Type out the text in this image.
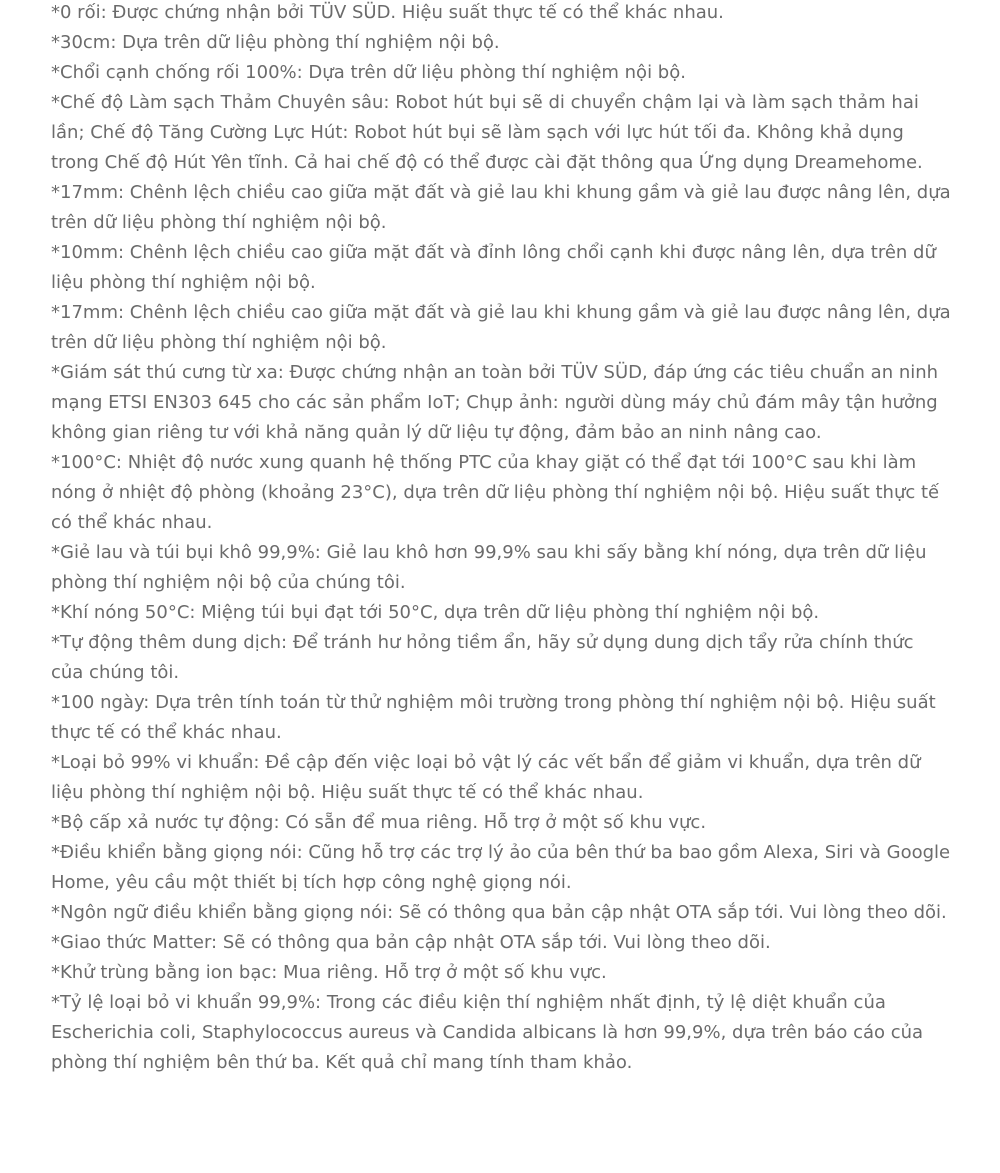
*0 rối: Được chứng nhận bởi TÜV SÜD. Hiệu suất thực tế có thể khác nhau.
*30cm: Dựa trên dữ liệu phòng thí nghiệm nội bộ.
*Chổi cạnh chống rối 100%: Dựa trên dữ liệu phòng thí nghiệm nội bộ.
*Chế độ Làm sạch Thảm Chuyên sâu: Robot hút bụi sẽ di chuyển chậm lại và làm sạch thảm hai lần; Chế độ Tăng Cường Lực Hút: Robot hút bụi sẽ làm sạch với lực hút tối đa. Không khả dụng trong Chế độ Hút Yên tĩnh. Cả hai chế độ có thể được cài đặt thông qua Ứng dụng Dreamehome.
*17mm: Chênh lệch chiều cao giữa mặt đất và giẻ lau khi khung gầm và giẻ lau được nâng lên, dựa trên dữ liệu phòng thí nghiệm nội bộ.
*10mm: Chênh lệch chiều cao giữa mặt đất và đỉnh lông chổi cạnh khi được nâng lên, dựa trên dữ liệu phòng thí nghiệm nội bộ.
*17mm: Chênh lệch chiều cao giữa mặt đất và giẻ lau khi khung gầm và giẻ lau được nâng lên, dựa trên dữ liệu phòng thí nghiệm nội bộ.
*Giám sát thú cưng từ xa: Được chứng nhận an toàn bởi TÜV SÜD, đáp ứng các tiêu chuẩn an ninh mạng ETSI EN303 645 cho các sản phẩm IoT; Chụp ảnh: người dùng máy chủ đám mây tận hưởng không gian riêng tư với khả năng quản lý dữ liệu tự động, đảm bảo an ninh nâng cao.
*100°C: Nhiệt độ nước xung quanh hệ thống PTC của khay giặt có thể đạt tới 100°C sau khi làm nóng ở nhiệt độ phòng (khoảng 23°C), dựa trên dữ liệu phòng thí nghiệm nội bộ. Hiệu suất thực tế có thể khác nhau.
*Giẻ lau và túi bụi khô 99,9%: Giẻ lau khô hơn 99,9% sau khi sấy bằng khí nóng, dựa trên dữ liệu phòng thí nghiệm nội bộ của chúng tôi.
*Khí nóng 50°C: Miệng túi bụi đạt tới 50°C, dựa trên dữ liệu phòng thí nghiệm nội bộ.
*Tự động thêm dung dịch: Để tránh hư hỏng tiềm ẩn, hãy sử dụng dung dịch tẩy rửa chính thức của chúng tôi.
*100 ngày: Dựa trên tính toán từ thử nghiệm môi trường trong phòng thí nghiệm nội bộ. Hiệu suất thực tế có thể khác nhau.
*Loại bỏ 99% vi khuẩn: Đề cập đến việc loại bỏ vật lý các vết bẩn để giảm vi khuẩn, dựa trên dữ liệu phòng thí nghiệm nội bộ. Hiệu suất thực tế có thể khác nhau.
*Bộ cấp xả nước tự động: Có sẵn để mua riêng. Hỗ trợ ở một số khu vực.
*Điều khiển bằng giọng nói: Cũng hỗ trợ các trợ lý ảo của bên thứ ba bao gồm Alexa, Siri và Google Home, yêu cầu một thiết bị tích hợp công nghệ giọng nói.
*Ngôn ngữ điều khiển bằng giọng nói: Sẽ có thông qua bản cập nhật OTA sắp tới. Vui lòng theo dõi.
*Giao thức Matter: Sẽ có thông qua bản cập nhật OTA sắp tới. Vui lòng theo dõi.
*Khử trùng bằng ion bạc: Mua riêng. Hỗ trợ ở một số khu vực.
*Tỷ lệ loại bỏ vi khuẩn 99,9%: Trong các điều kiện thí nghiệm nhất định, tỷ lệ diệt khuẩn của Escherichia coli, Staphylococcus aureus và Candida albicans là hơn 99,9%, dựa trên báo cáo của phòng thí nghiệm bên thứ ba. Kết quả chỉ mang tính tham khảo.
